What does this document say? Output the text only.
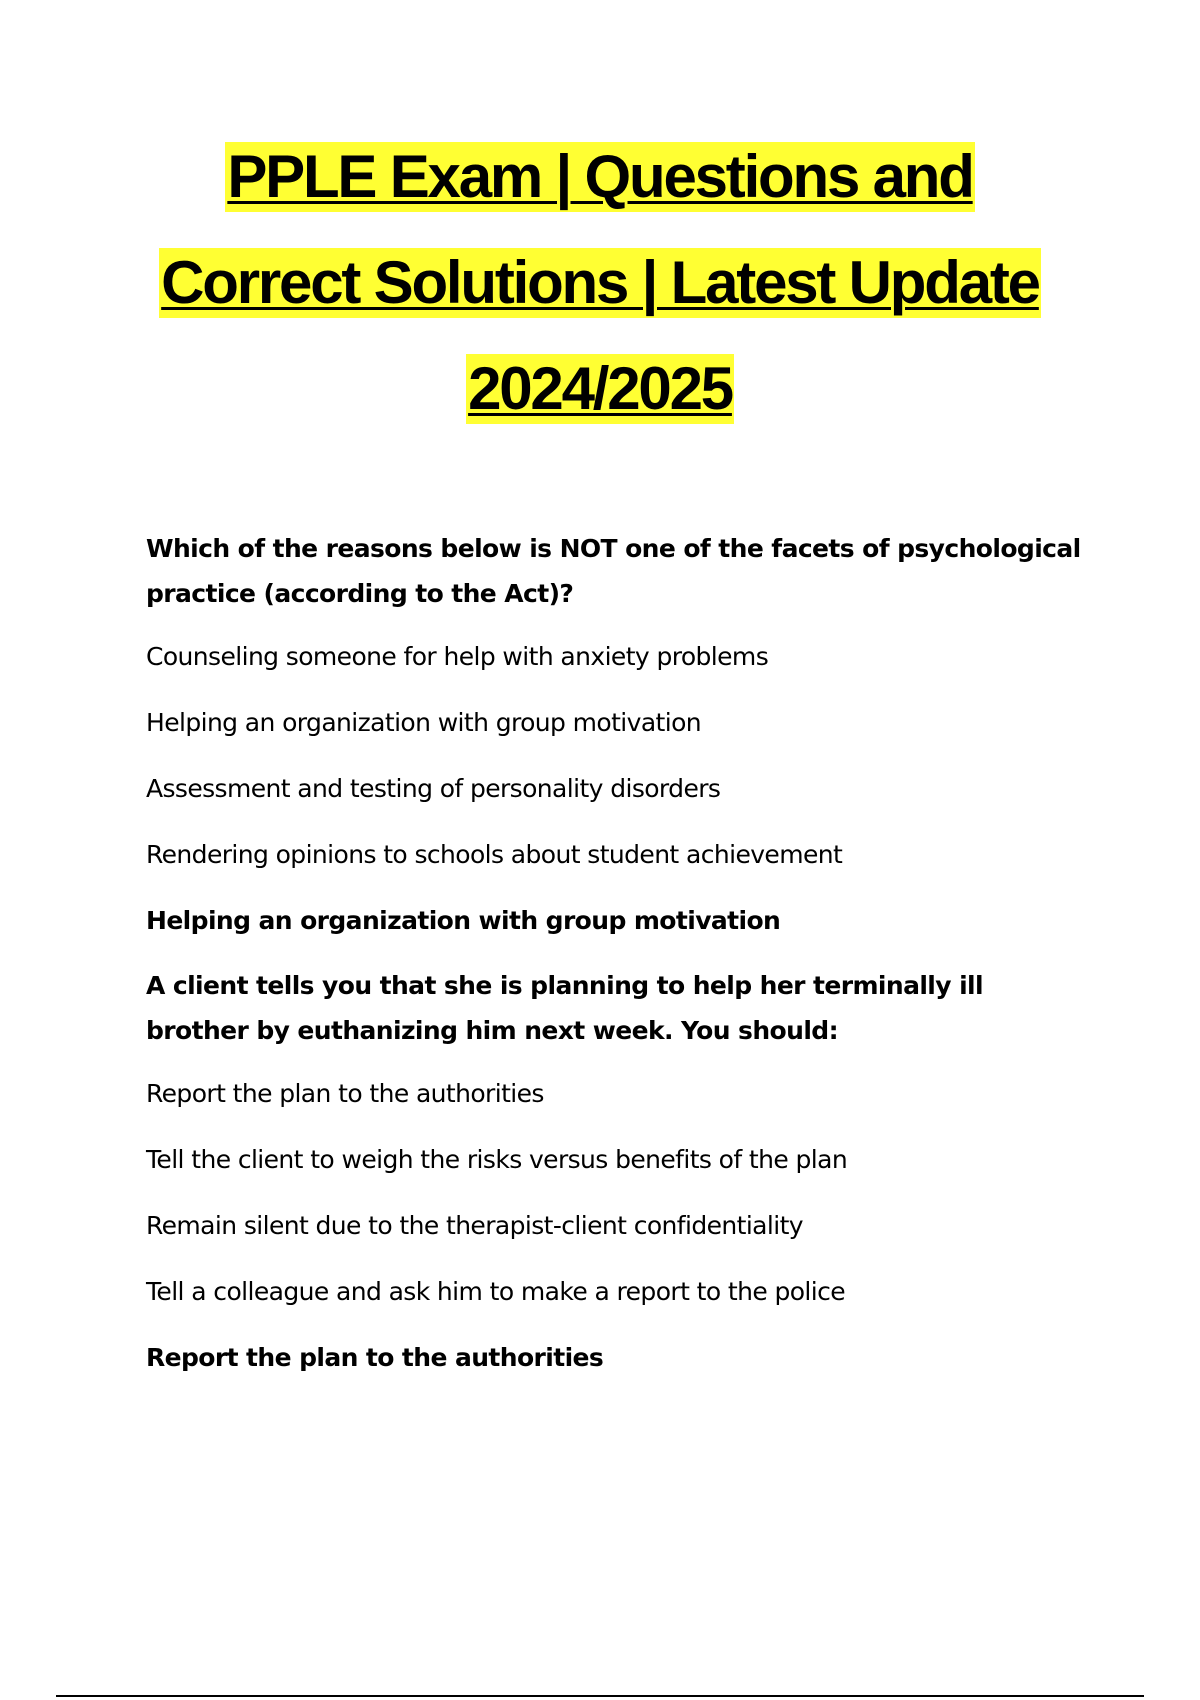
PPLE Exam | Questions and
Correct Solutions | Latest Update
2024/2025
Which of the reasons below is NOT one of the facets of psychological practice (according to the Act)?
Counseling someone for help with anxiety problems
Helping an organization with group motivation
Assessment and testing of personality disorders
Rendering opinions to schools about student achievement
Helping an organization with group motivation
A client tells you that she is planning to help her terminally ill brother by euthanizing him next week. You should:
Report the plan to the authorities
Tell the client to weigh the risks versus benefits of the plan
Remain silent due to the therapist-client confidentiality
Tell a colleague and ask him to make a report to the police
Report the plan to the authorities
